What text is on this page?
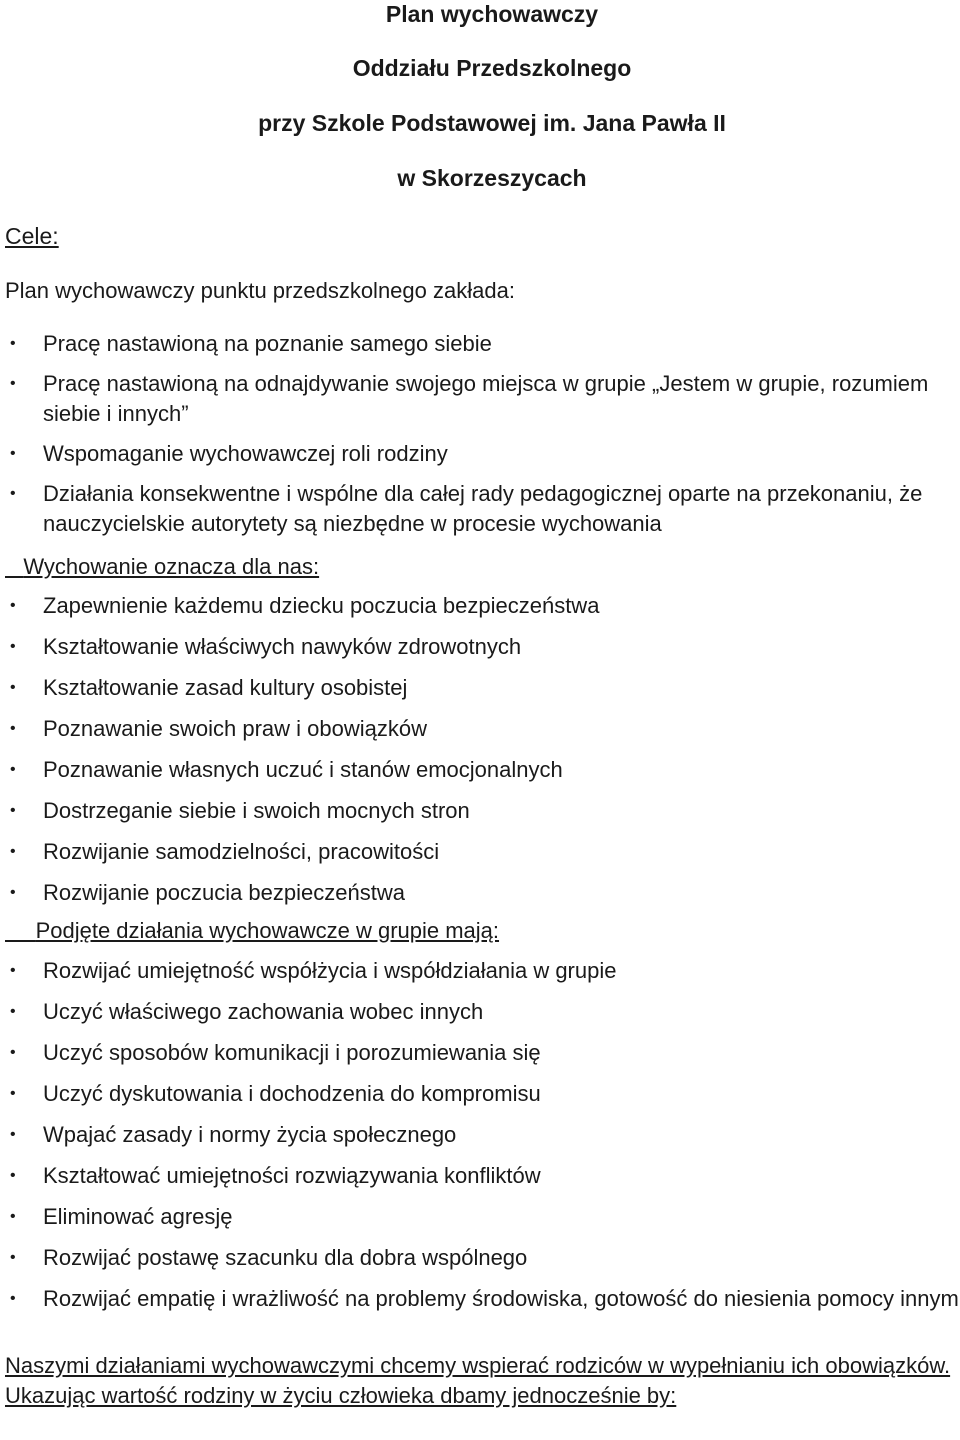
Plan wychowawczy
Oddziału Przedszkolnego
przy Szkole Podstawowej im. Jana Pawła II
w Skorzeszycach

Cele:

Plan wychowawczy punktu przedszkolnego zakłada:

• Pracę nastawioną na poznanie samego siebie
• Pracę nastawioną na odnajdywanie swojego miejsca w grupie „Jestem w grupie, rozumiem siebie i innych”
• Wspomaganie wychowawczej roli rodziny
• Działania konsekwentne i wspólne dla całej rady pedagogicznej oparte na przekonaniu, że nauczycielskie autorytety są niezbędne w procesie wychowania

Wychowanie oznacza dla nas:

• Zapewnienie każdemu dziecku poczucia bezpieczeństwa
• Kształtowanie właściwych nawyków zdrowotnych
• Kształtowanie zasad kultury osobistej
• Poznawanie swoich praw i obowiązków
• Poznawanie własnych uczuć i stanów emocjonalnych
• Dostrzeganie siebie i swoich mocnych stron
• Rozwijanie samodzielności, pracowitości
• Rozwijanie poczucia bezpieczeństwa

Podjęte działania wychowawcze w grupie mają:

• Rozwijać umiejętność współżycia i współdziałania w grupie
• Uczyć właściwego zachowania wobec innych
• Uczyć sposobów komunikacji i porozumiewania się
• Uczyć dyskutowania i dochodzenia do kompromisu
• Wpajać zasady i normy życia społecznego
• Kształtować umiejętności rozwiązywania konfliktów
• Eliminować agresję
• Rozwijać postawę szacunku dla dobra wspólnego
• Rozwijać empatię i wrażliwość na problemy środowiska, gotowość do niesienia pomocy innym

Naszymi działaniami wychowawczymi chcemy wspierać rodziców w wypełnianiu ich obowiązków. Ukazując wartość rodziny w życiu człowieka dbamy jednocześnie by:
